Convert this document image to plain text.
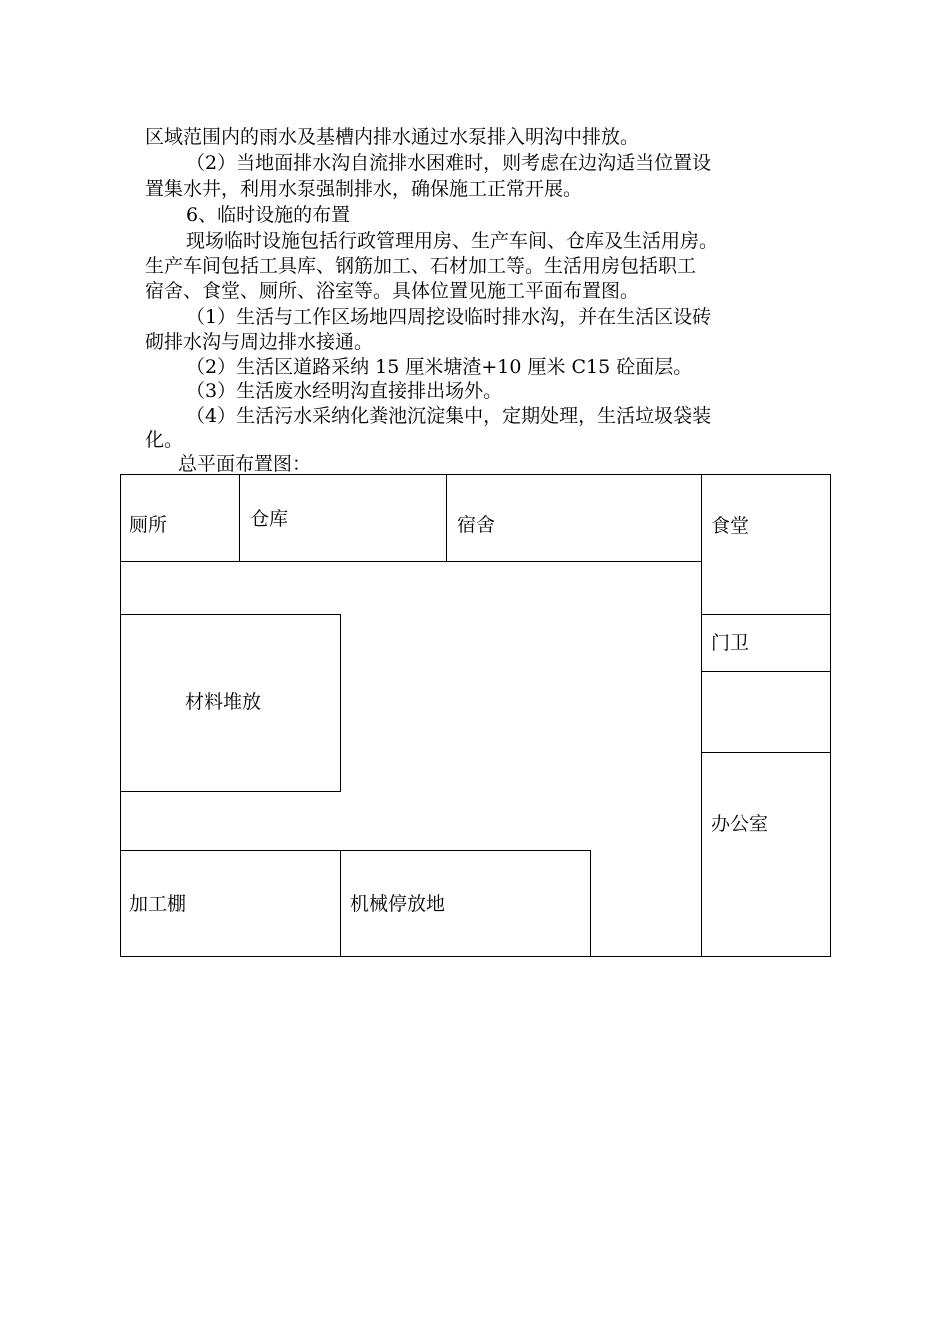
区域范围内的雨水及基槽内排水通过水泵排入明沟中排放。
（2）当地面排水沟自流排水困难时，则考虑在边沟适当位置设
置集水井，利用水泵强制排水，确保施工正常开展。
6、临时设施的布置
现场临时设施包括行政管理用房、生产车间、仓库及生活用房。
生产车间包括工具库、钢筋加工、石材加工等。生活用房包括职工
宿舍、食堂、厕所、浴室等。具体位置见施工平面布置图。
（1）生活与工作区场地四周挖设临时排水沟，并在生活区设砖
砌排水沟与周边排水接通。
（2）生活区道路采纳 15 厘米塘渣+10 厘米 C15 砼面层。
（3）生活废水经明沟直接排出场外。
（4）生活污水采纳化粪池沉淀集中，定期处理，生活垃圾袋装
化。
总平面布置图：
厕所	仓库	宿舍	食堂
门卫
材料堆放
办公室
加工棚	机械停放地
